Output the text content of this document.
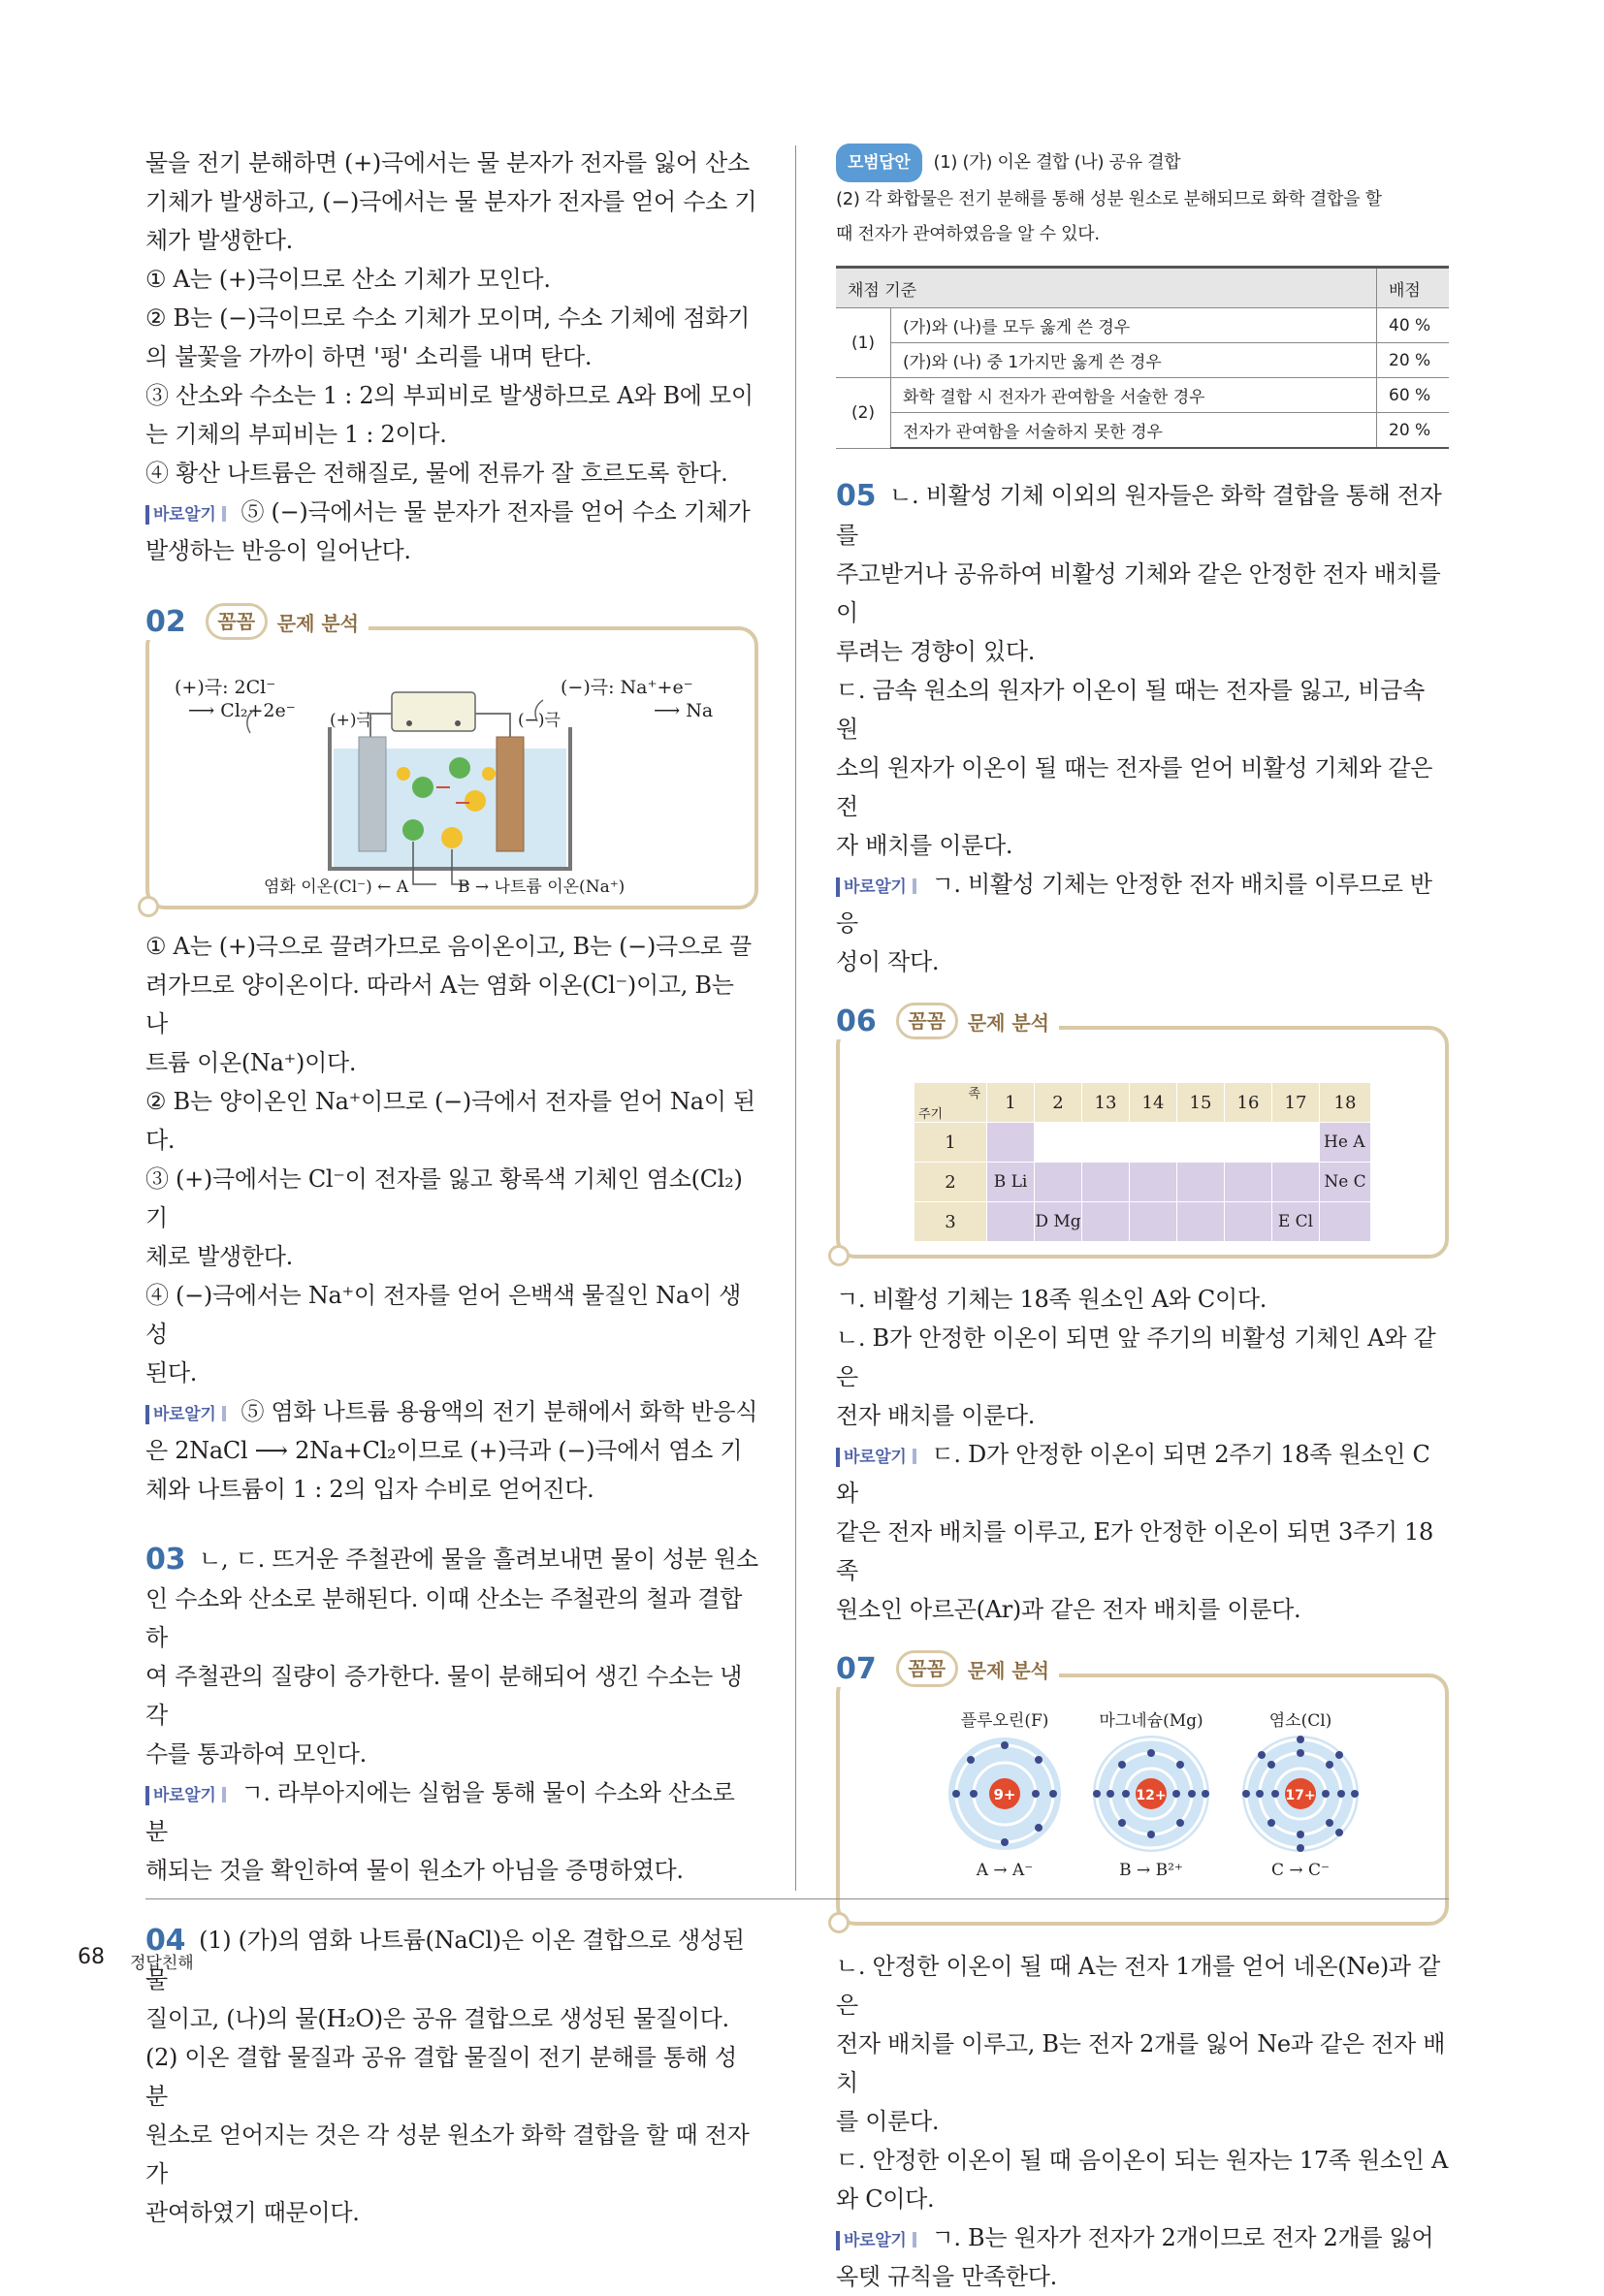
물을 전기 분해하면 (+)극에서는 물 분자가 전자를 잃어 산소

기체가 발생하고, (−)극에서는 물 분자가 전자를 얻어 수소 기

체가 발생한다.

① A는 (+)극이므로 산소 기체가 모인다.

② B는 (−)극이므로 수소 기체가 모이며, 수소 기체에 점화기

의 불꽃을 가까이 하면 '펑' 소리를 내며 탄다.

③ 산소와 수소는 1 : 2의 부피비로 발생하므로 A와 B에 모이

는 기체의 부피비는 1 : 2이다.

④ 황산 나트륨은 전해질로, 물에 전류가 잘 흐르도록 한다.

바로알기 ⑤ (−)극에서는 물 분자가 전자를 얻어 수소 기체가

발생하는 반응이 일어난다.

02	꼼꼼	문제 분석
(+)극: 2Cl⁻
⟶ Cl₂+2e⁻
(−)극: Na⁺+e⁻
⟶ Na
(+)극	(−)극
염화 이온(Cl⁻) ← A	B → 나트륨 이온(Na⁺)

① A는 (+)극으로 끌려가므로 음이온이고, B는 (−)극으로 끌

려가므로 양이온이다. 따라서 A는 염화 이온(Cl⁻)이고, B는 나

트륨 이온(Na⁺)이다.

② B는 양이온인 Na⁺이므로 (−)극에서 전자를 얻어 Na이 된다.

③ (+)극에서는 Cl⁻이 전자를 잃고 황록색 기체인 염소(Cl₂) 기

체로 발생한다.

④ (−)극에서는 Na⁺이 전자를 얻어 은백색 물질인 Na이 생성

된다.

바로알기 ⑤ 염화 나트륨 용융액의 전기 분해에서 화학 반응식

은 2NaCl ⟶ 2Na+Cl₂이므로 (+)극과 (−)극에서 염소 기

체와 나트륨이 1 : 2의 입자 수비로 얻어진다.

03 ㄴ, ㄷ. 뜨거운 주철관에 물을 흘려보내면 물이 성분 원소

인 수소와 산소로 분해된다. 이때 산소는 주철관의 철과 결합하

여 주철관의 질량이 증가한다. 물이 분해되어 생긴 수소는 냉각

수를 통과하여 모인다.

바로알기 ㄱ. 라부아지에는 실험을 통해 물이 수소와 산소로 분

해되는 것을 확인하여 물이 원소가 아님을 증명하였다.

04 (1) (가)의 염화 나트륨(NaCl)은 이온 결합으로 생성된 물

질이고, (나)의 물(H₂O)은 공유 결합으로 생성된 물질이다.

(2) 이온 결합 물질과 공유 결합 물질이 전기 분해를 통해 성분

원소로 얻어지는 것은 각 성분 원소가 화학 결합을 할 때 전자가

관여하였기 때문이다.

모범답안 (1) (가) 이온 결합 (나) 공유 결합

(2) 각 화합물은 전기 분해를 통해 성분 원소로 분해되므로 화학 결합을 할

때 전자가 관여하였음을 알 수 있다.

채점 기준		배점
(1)	(가)와 (나)를 모두 옳게 쓴 경우	40 %
	(가)와 (나) 중 1가지만 옳게 쓴 경우	20 %
(2)	화학 결합 시 전자가 관여함을 서술한 경우	60 %
	전자가 관여함을 서술하지 못한 경우	20 %

05 ㄴ. 비활성 기체 이외의 원자들은 화학 결합을 통해 전자를

주고받거나 공유하여 비활성 기체와 같은 안정한 전자 배치를 이

루려는 경향이 있다.

ㄷ. 금속 원소의 원자가 이온이 될 때는 전자를 잃고, 비금속 원

소의 원자가 이온이 될 때는 전자를 얻어 비활성 기체와 같은 전

자 배치를 이룬다.

바로알기 ㄱ. 비활성 기체는 안정한 전자 배치를 이루므로 반응

성이 작다.

06	꼼꼼	문제 분석
족
주기	1	2	13	14	15	16	17	18
1								He A
2	B Li							Ne C
3		D Mg					E Cl	

ㄱ. 비활성 기체는 18족 원소인 A와 C이다.

ㄴ. B가 안정한 이온이 되면 앞 주기의 비활성 기체인 A와 같은

전자 배치를 이룬다.

바로알기 ㄷ. D가 안정한 이온이 되면 2주기 18족 원소인 C와

같은 전자 배치를 이루고, E가 안정한 이온이 되면 3주기 18족

원소인 아르곤(Ar)과 같은 전자 배치를 이룬다.

07	꼼꼼	문제 분석
플루오린(F)
9+
A → A⁻
마그네슘(Mg)
12+
B → B²⁺
염소(Cl)
17+
C → C⁻

ㄴ. 안정한 이온이 될 때 A는 전자 1개를 얻어 네온(Ne)과 같은

전자 배치를 이루고, B는 전자 2개를 잃어 Ne과 같은 전자 배치

를 이룬다.

ㄷ. 안정한 이온이 될 때 음이온이 되는 원자는 17족 원소인 A

와 C이다.

바로알기 ㄱ. B는 원자가 전자가 2개이므로 전자 2개를 잃어

옥텟 규칙을 만족한다.

68 정답친해
